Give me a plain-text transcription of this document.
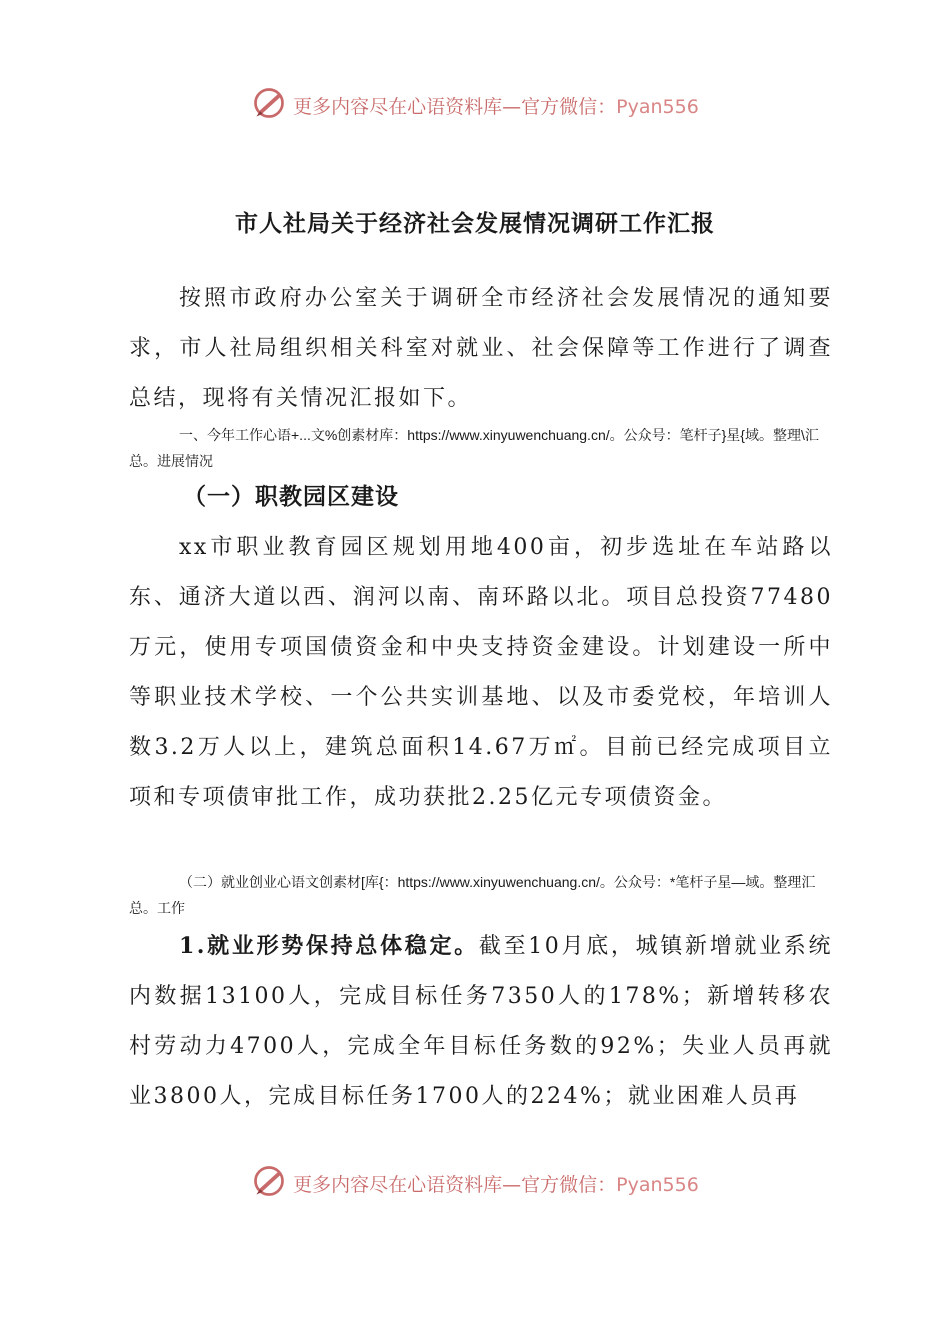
更多内容尽在心语资料库—官方微信：Pyan556
市人社局关于经济社会发展情况调研工作汇报

按照市政府办公室关于调研全市经济社会发展情况的通知要求，市人社局组织相关科室对就业、社会保障等工作进行了调查总结，现将有关情况汇报如下。

一、今年工作心语+...文%创素材库：https://www.xinyuwenchuang.cn/。公众号：笔杆子}星{域。整理\汇总。进展情况

（一）职教园区建设

xx市职业教育园区规划用地400亩，初步选址在车站路以东、通济大道以西、润河以南、南环路以北。项目总投资77480万元，使用专项国债资金和中央支持资金建设。计划建设一所中等职业技术学校、一个公共实训基地、以及市委党校，年培训人数3.2万人以上，建筑总面积14.67万㎡。目前已经完成项目立项和专项债审批工作，成功获批2.25亿元专项债资金。

（二）就业创业心语文创素材[库{：https://www.xinyuwenchuang.cn/。公众号：*笔杆子星—域。整理汇总。工作

1.就业形势保持总体稳定。截至10月底，城镇新增就业系统内数据13100人，完成目标任务7350人的178%；新增转移农村劳动力4700人，完成全年目标任务数的92%；失业人员再就业3800人，完成目标任务1700人的224%；就业困难人员再

更多内容尽在心语资料库—官方微信：Pyan556
